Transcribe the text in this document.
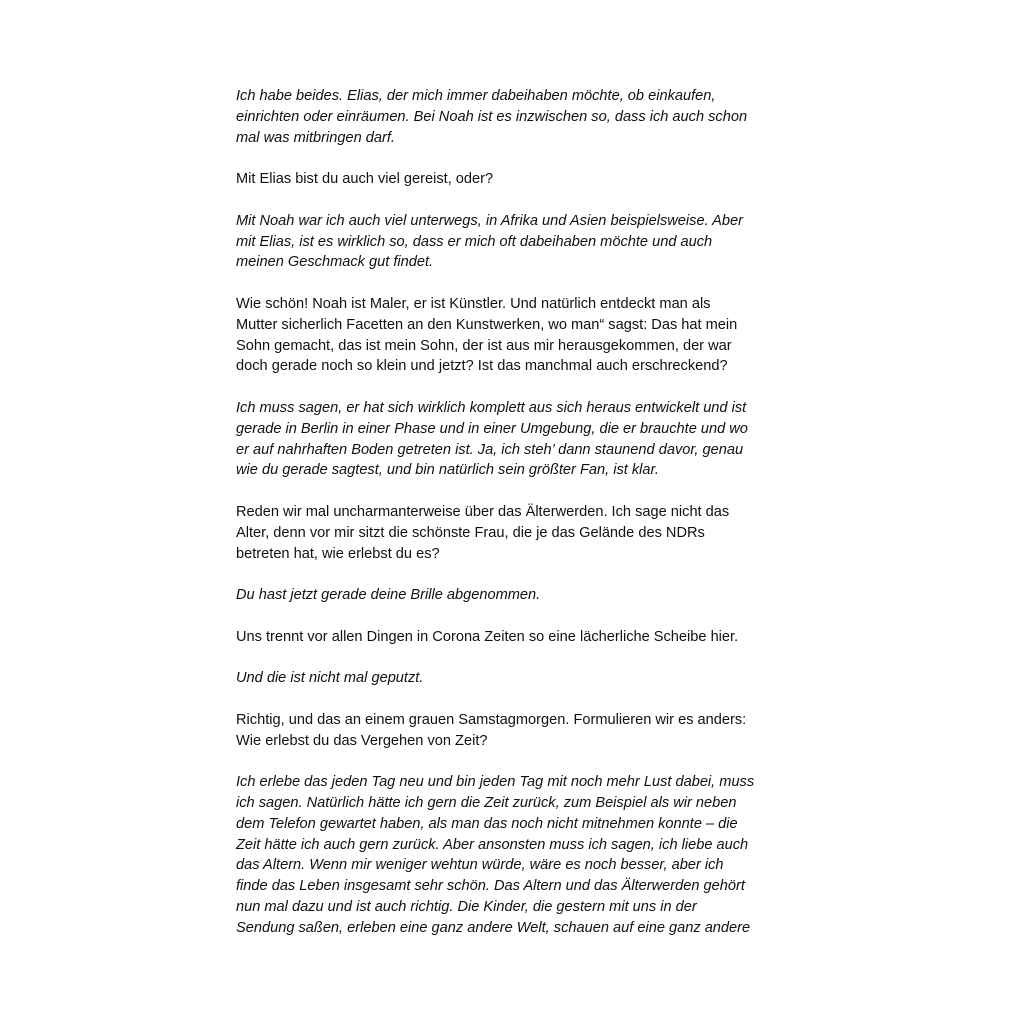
Ich habe beides. Elias, der mich immer dabeihaben möchte, ob einkaufen,
einrichten oder einräumen. Bei Noah ist es inzwischen so, dass ich auch schon
mal was mitbringen darf.

Mit Elias bist du auch viel gereist, oder?

Mit Noah war ich auch viel unterwegs, in Afrika und Asien beispielsweise. Aber
mit Elias, ist es wirklich so, dass er mich oft dabeihaben möchte und auch
meinen Geschmack gut findet.

Wie schön! Noah ist Maler, er ist Künstler. Und natürlich entdeckt man als
Mutter sicherlich Facetten an den Kunstwerken, wo man“ sagst: Das hat mein
Sohn gemacht, das ist mein Sohn, der ist aus mir herausgekommen, der war
doch gerade noch so klein und jetzt? Ist das manchmal auch erschreckend?

Ich muss sagen, er hat sich wirklich komplett aus sich heraus entwickelt und ist
gerade in Berlin in einer Phase und in einer Umgebung, die er brauchte und wo
er auf nahrhaften Boden getreten ist. Ja, ich steh’ dann staunend davor, genau
wie du gerade sagtest, und bin natürlich sein größter Fan, ist klar.

Reden wir mal uncharmanterweise über das Älterwerden. Ich sage nicht das
Alter, denn vor mir sitzt die schönste Frau, die je das Gelände des NDRs
betreten hat, wie erlebst du es?

Du hast jetzt gerade deine Brille abgenommen.

Uns trennt vor allen Dingen in Corona Zeiten so eine lächerliche Scheibe hier.

Und die ist nicht mal geputzt.

Richtig, und das an einem grauen Samstagmorgen. Formulieren wir es anders:
Wie erlebst du das Vergehen von Zeit?

Ich erlebe das jeden Tag neu und bin jeden Tag mit noch mehr Lust dabei, muss
ich sagen. Natürlich hätte ich gern die Zeit zurück, zum Beispiel als wir neben
dem Telefon gewartet haben, als man das noch nicht mitnehmen konnte – die
Zeit hätte ich auch gern zurück. Aber ansonsten muss ich sagen, ich liebe auch
das Altern. Wenn mir weniger wehtun würde, wäre es noch besser, aber ich
finde das Leben insgesamt sehr schön. Das Altern und das Älterwerden gehört
nun mal dazu und ist auch richtig. Die Kinder, die gestern mit uns in der
Sendung saßen, erleben eine ganz andere Welt, schauen auf eine ganz andere
